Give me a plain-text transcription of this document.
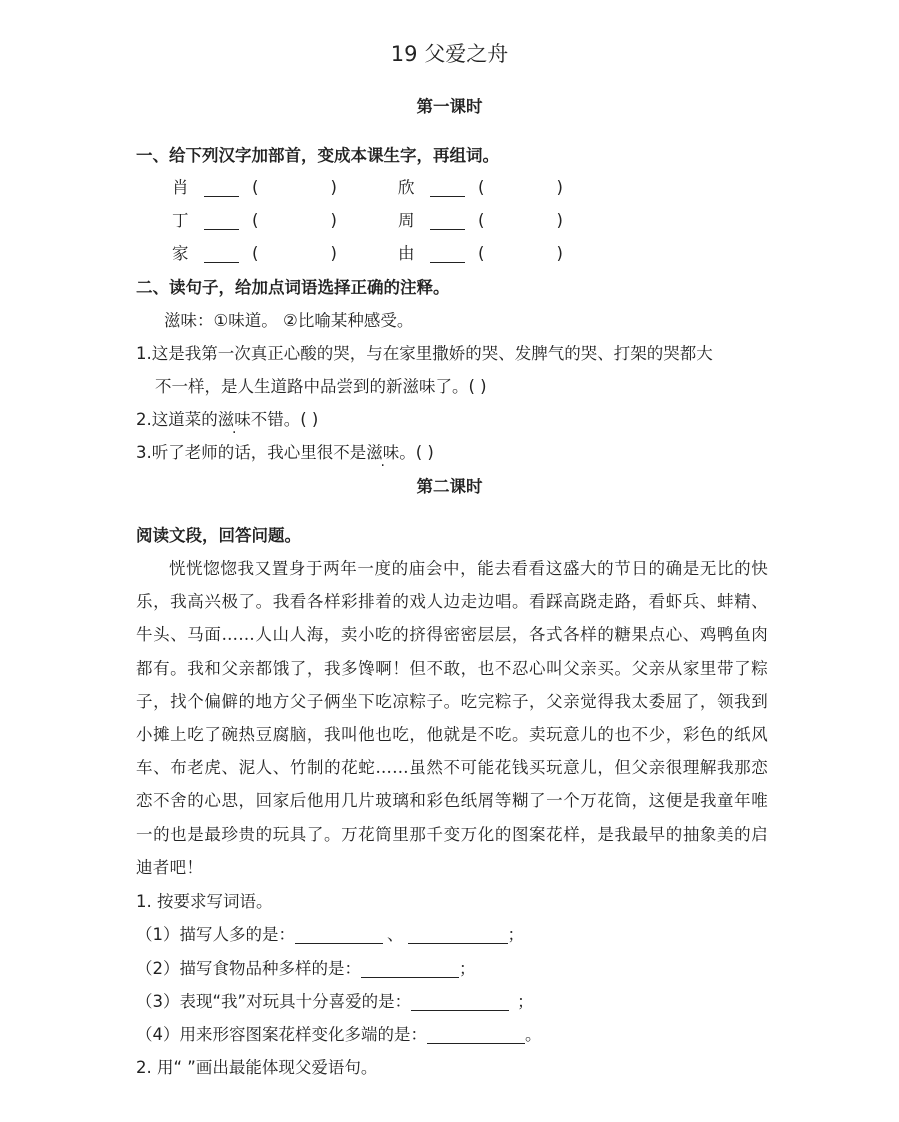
19 父爱之舟
第一课时
一、给下列汉字加部首，变成本课生字，再组词。
肖	(	)	欣	(	)
丁	(	)	周	(	)
家	(	)	由	(	)
二、读句子，给加点词语选择正确的注释。
滋味：①味道。 ②比喻某种感受。
1.这是我第一次真正心酸的哭，与在家里撒娇的哭、发脾气的哭、打架的哭都大
不一样，是人生道路中品尝到的新滋味了。( )
2.这道菜的滋味不错。( )
3.听了老师的话，我心里很不是滋味。( )
第二课时
阅读文段，回答问题。
恍恍惚惚我又置身于两年一度的庙会中，能去看看这盛大的节日的确是无比的快乐，我高兴极了。我看各样彩排着的戏人边走边唱。看踩高跷走路，看虾兵、蚌精、牛头、马面……人山人海，卖小吃的挤得密密层层，各式各样的糖果点心、鸡鸭鱼肉都有。我和父亲都饿了，我多馋啊！但不敢，也不忍心叫父亲买。父亲从家里带了粽子，找个偏僻的地方父子俩坐下吃凉粽子。吃完粽子，父亲觉得我太委屈了，领我到小摊上吃了碗热豆腐脑，我叫他也吃，他就是不吃。卖玩意儿的也不少，彩色的纸风车、布老虎、泥人、竹制的花蛇……虽然不可能花钱买玩意儿，但父亲很理解我那恋恋不舍的心思，回家后他用几片玻璃和彩色纸屑等糊了一个万花筒，这便是我童年唯一的也是最珍贵的玩具了。万花筒里那千变万化的图案花样，是我最早的抽象美的启迪者吧！
1. 按要求写词语。
（1）描写人多的是：	、	；
（2）描写食物品种多样的是：	；
（3）表现“我”对玩具十分喜爱的是：	；
（4）用来形容图案花样变化多端的是：	。
2. 用“ ”画出最能体现父爱语句。
